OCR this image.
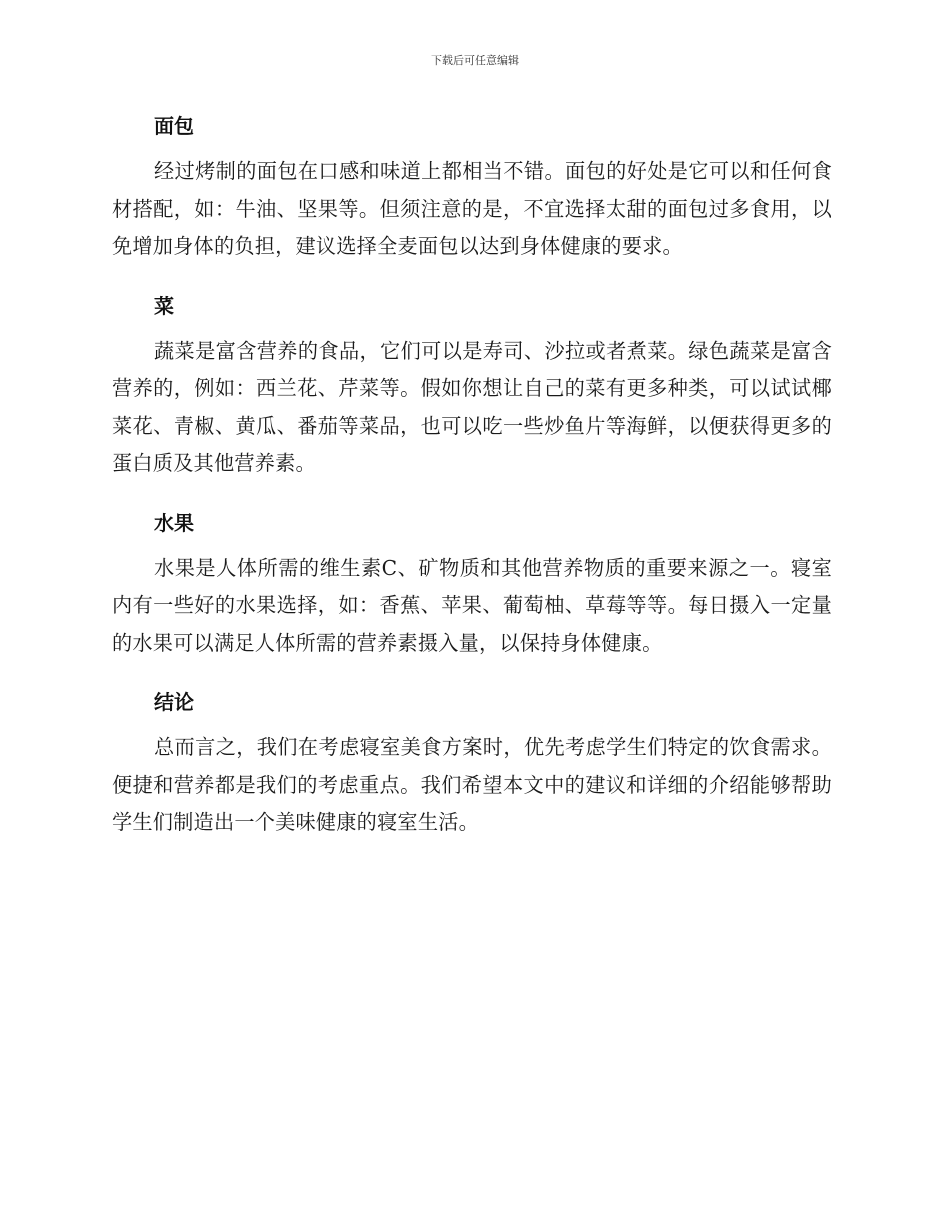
下载后可任意编辑
面包

经过烤制的面包在口感和味道上都相当不错。面包的好处是它可以和任何食材搭配，如：牛油、坚果等。但须注意的是，不宜选择太甜的面包过多食用，以免增加身体的负担，建议选择全麦面包以达到身体健康的要求。

菜

蔬菜是富含营养的食品，它们可以是寿司、沙拉或者煮菜。绿色蔬菜是富含营养的，例如：西兰花、芹菜等。假如你想让自己的菜有更多种类，可以试试椰菜花、青椒、黄瓜、番茄等菜品，也可以吃一些炒鱼片等海鲜，以便获得更多的蛋白质及其他营养素。

水果

水果是人体所需的维生素C、矿物质和其他营养物质的重要来源之一。寝室内有一些好的水果选择，如：香蕉、苹果、葡萄柚、草莓等等。每日摄入一定量的水果可以满足人体所需的营养素摄入量，以保持身体健康。

结论

总而言之，我们在考虑寝室美食方案时，优先考虑学生们特定的饮食需求。便捷和营养都是我们的考虑重点。我们希望本文中的建议和详细的介绍能够帮助学生们制造出一个美味健康的寝室生活。
